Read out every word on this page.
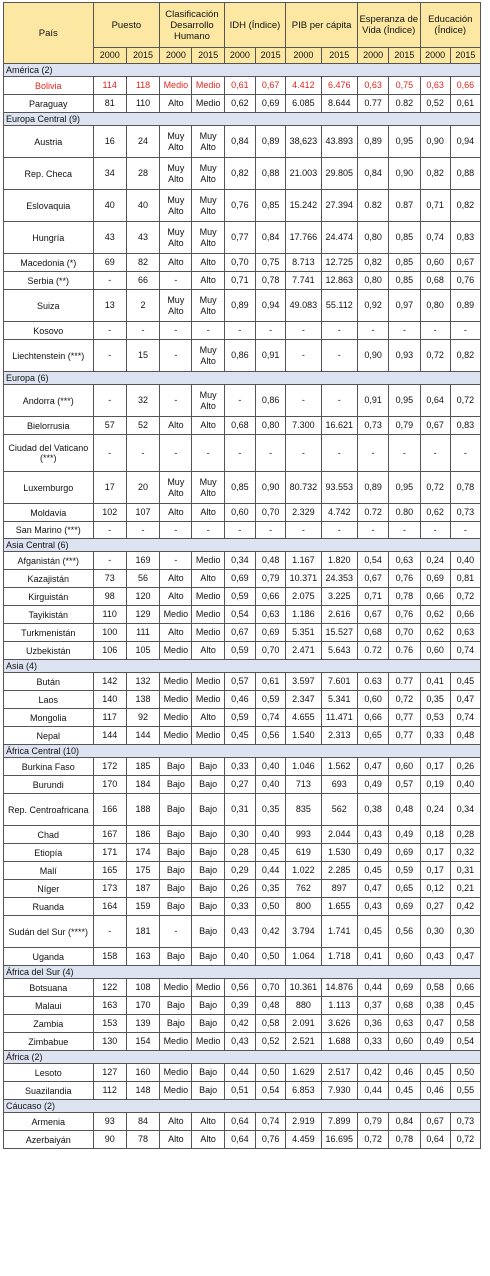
País	Puesto		Clasificación Desarrollo Humano		IDH (Índice)		PIB per cápita		Esperanza de Vida (Índice)		Educación (Índice)	
	2000	2015	2000	2015	2000	2015	2000	2015	2000	2015	2000	2015
América (2)												
Bolivia	114	118	Medio	Medio	0,61	0,67	4.412	6.476	0,63	0,75	0,63	0,66
Paraguay	81	110	Alto	Medio	0,62	0,69	6.085	8.644	0.77	0.82	0,52	0,61
Europa Central (9)												
Austria	16	24	Muy Alto	Muy Alto	0,84	0,89	38,623	43.893	0,89	0,95	0,90	0,94
Rep. Checa	34	28	Muy Alto	Muy Alto	0,82	0,88	21.003	29.805	0,84	0,90	0,82	0,88
Eslovaquia	40	40	Muy Alto	Muy Alto	0,76	0,85	15.242	27.394	0.82	0.87	0,71	0,82
Hungría	43	43	Muy Alto	Muy Alto	0,77	0,84	17.766	24.474	0,80	0,85	0,74	0,83
Macedonia (*)	69	82	Alto	Alto	0,70	0,75	8.713	12.725	0,82	0,85	0,60	0,67
Serbia (**)	-	66	-	Alto	0,71	0,78	7.741	12.863	0,80	0,85	0,68	0,76
Suiza	13	2	Muy Alto	Muy Alto	0,89	0,94	49.083	55.112	0,92	0,97	0,80	0,89
Kosovo	-	-	-	-	-	-	-	-	-	-	-	-
Liechtenstein (***)	-	15	-	Muy Alto	0,86	0,91	-	-	0,90	0,93	0,72	0,82
Europa (6)												
Andorra (***)	-	32	-	Muy Alto	-	0,86	-	-	0,91	0,95	0,64	0,72
Bielorrusia	57	52	Alto	Alto	0,68	0,80	7.300	16.621	0,73	0,79	0,67	0,83
Ciudad del Vaticano (***)	-	-	-	-	-	-	-	-	-	-	-	-
Luxemburgo	17	20	Muy Alto	Muy Alto	0,85	0,90	80.732	93.553	0,89	0,95	0,72	0,78
Moldavia	102	107	Alto	Alto	0,60	0,70	2.329	4.742	0.72	0.80	0,62	0,73
San Marino (***)	-	-	-	-	-	-	-	-	-	-	-	-
Asia Central (6)												
Afganistán (***)	-	169	-	Medio	0,34	0,48	1.167	1.820	0,54	0,63	0,24	0,40
Kazajistán	73	56	Alto	Alto	0,69	0,79	10.371	24.353	0,67	0,76	0,69	0,81
Kirguistán	98	120	Alto	Medio	0,59	0,66	2.075	3.225	0,71	0,78	0,66	0,72
Tayikistán	110	129	Medio	Medio	0,54	0,63	1.186	2.616	0,67	0,76	0,62	0,66
Turkmenistán	100	111	Alto	Medio	0,67	0,69	5.351	15.527	0,68	0,70	0,62	0,63
Uzbekistán	106	105	Medio	Alto	0,59	0,70	2.471	5.643	0.72	0.76	0,60	0,74
Asia (4)												
Bután	142	132	Medio	Medio	0,57	0,61	3.597	7.601	0.63	0.77	0,41	0,45
Laos	140	138	Medio	Medio	0,46	0,59	2.347	5.341	0,60	0,72	0,35	0,47
Mongolia	117	92	Medio	Alto	0,59	0,74	4.655	11.471	0,66	0,77	0,53	0,74
Nepal	144	144	Medio	Medio	0,45	0,56	1.540	2.313	0,65	0,77	0,33	0,48
África Central (10)												
Burkina Faso	172	185	Bajo	Bajo	0,33	0,40	1.046	1.562	0,47	0,60	0,17	0,26
Burundi	170	184	Bajo	Bajo	0,27	0,40	713	693	0,49	0,57	0,19	0,40
Rep. Centroafricana	166	188	Bajo	Bajo	0,31	0,35	835	562	0,38	0,48	0,24	0,34
Chad	167	186	Bajo	Bajo	0,30	0,40	993	2.044	0,43	0,49	0,18	0,28
Etiopía	171	174	Bajo	Bajo	0,28	0,45	619	1.530	0,49	0,69	0,17	0,32
Malí	165	175	Bajo	Bajo	0,29	0,44	1.022	2.285	0,45	0,59	0,17	0,31
Níger	173	187	Bajo	Bajo	0,26	0,35	762	897	0,47	0,65	0,12	0,21
Ruanda	164	159	Bajo	Bajo	0,33	0,50	800	1.655	0,43	0,69	0,27	0,42
Sudán del Sur (****)	-	181	-	Bajo	0,43	0,42	3.794	1.741	0,45	0,56	0,30	0,30
Uganda	158	163	Bajo	Bajo	0,40	0,50	1.064	1.718	0,41	0,60	0,43	0,47
África del Sur (4)												
Botsuana	122	108	Medio	Medio	0,56	0,70	10.361	14.876	0,44	0,69	0,58	0,66
Malaui	163	170	Bajo	Bajo	0,39	0,48	880	1.113	0,37	0,68	0,38	0,45
Zambia	153	139	Bajo	Bajo	0,42	0,58	2.091	3.626	0,36	0,63	0,47	0,58
Zimbabue	130	154	Medio	Medio	0,43	0,52	2.521	1.688	0,33	0,60	0,49	0,54
África (2)												
Lesoto	127	160	Medio	Bajo	0,44	0,50	1.629	2.517	0,42	0,46	0,45	0,50
Suazilandia	112	148	Medio	Bajo	0,51	0,54	6.853	7.930	0,44	0,45	0,46	0,55
Cáucaso (2)												
Armenia	93	84	Alto	Alto	0,64	0,74	2.919	7.899	0,79	0,84	0,67	0,73
Azerbaiyán	90	78	Alto	Alto	0,64	0,76	4.459	16.695	0,72	0,78	0,64	0,72
